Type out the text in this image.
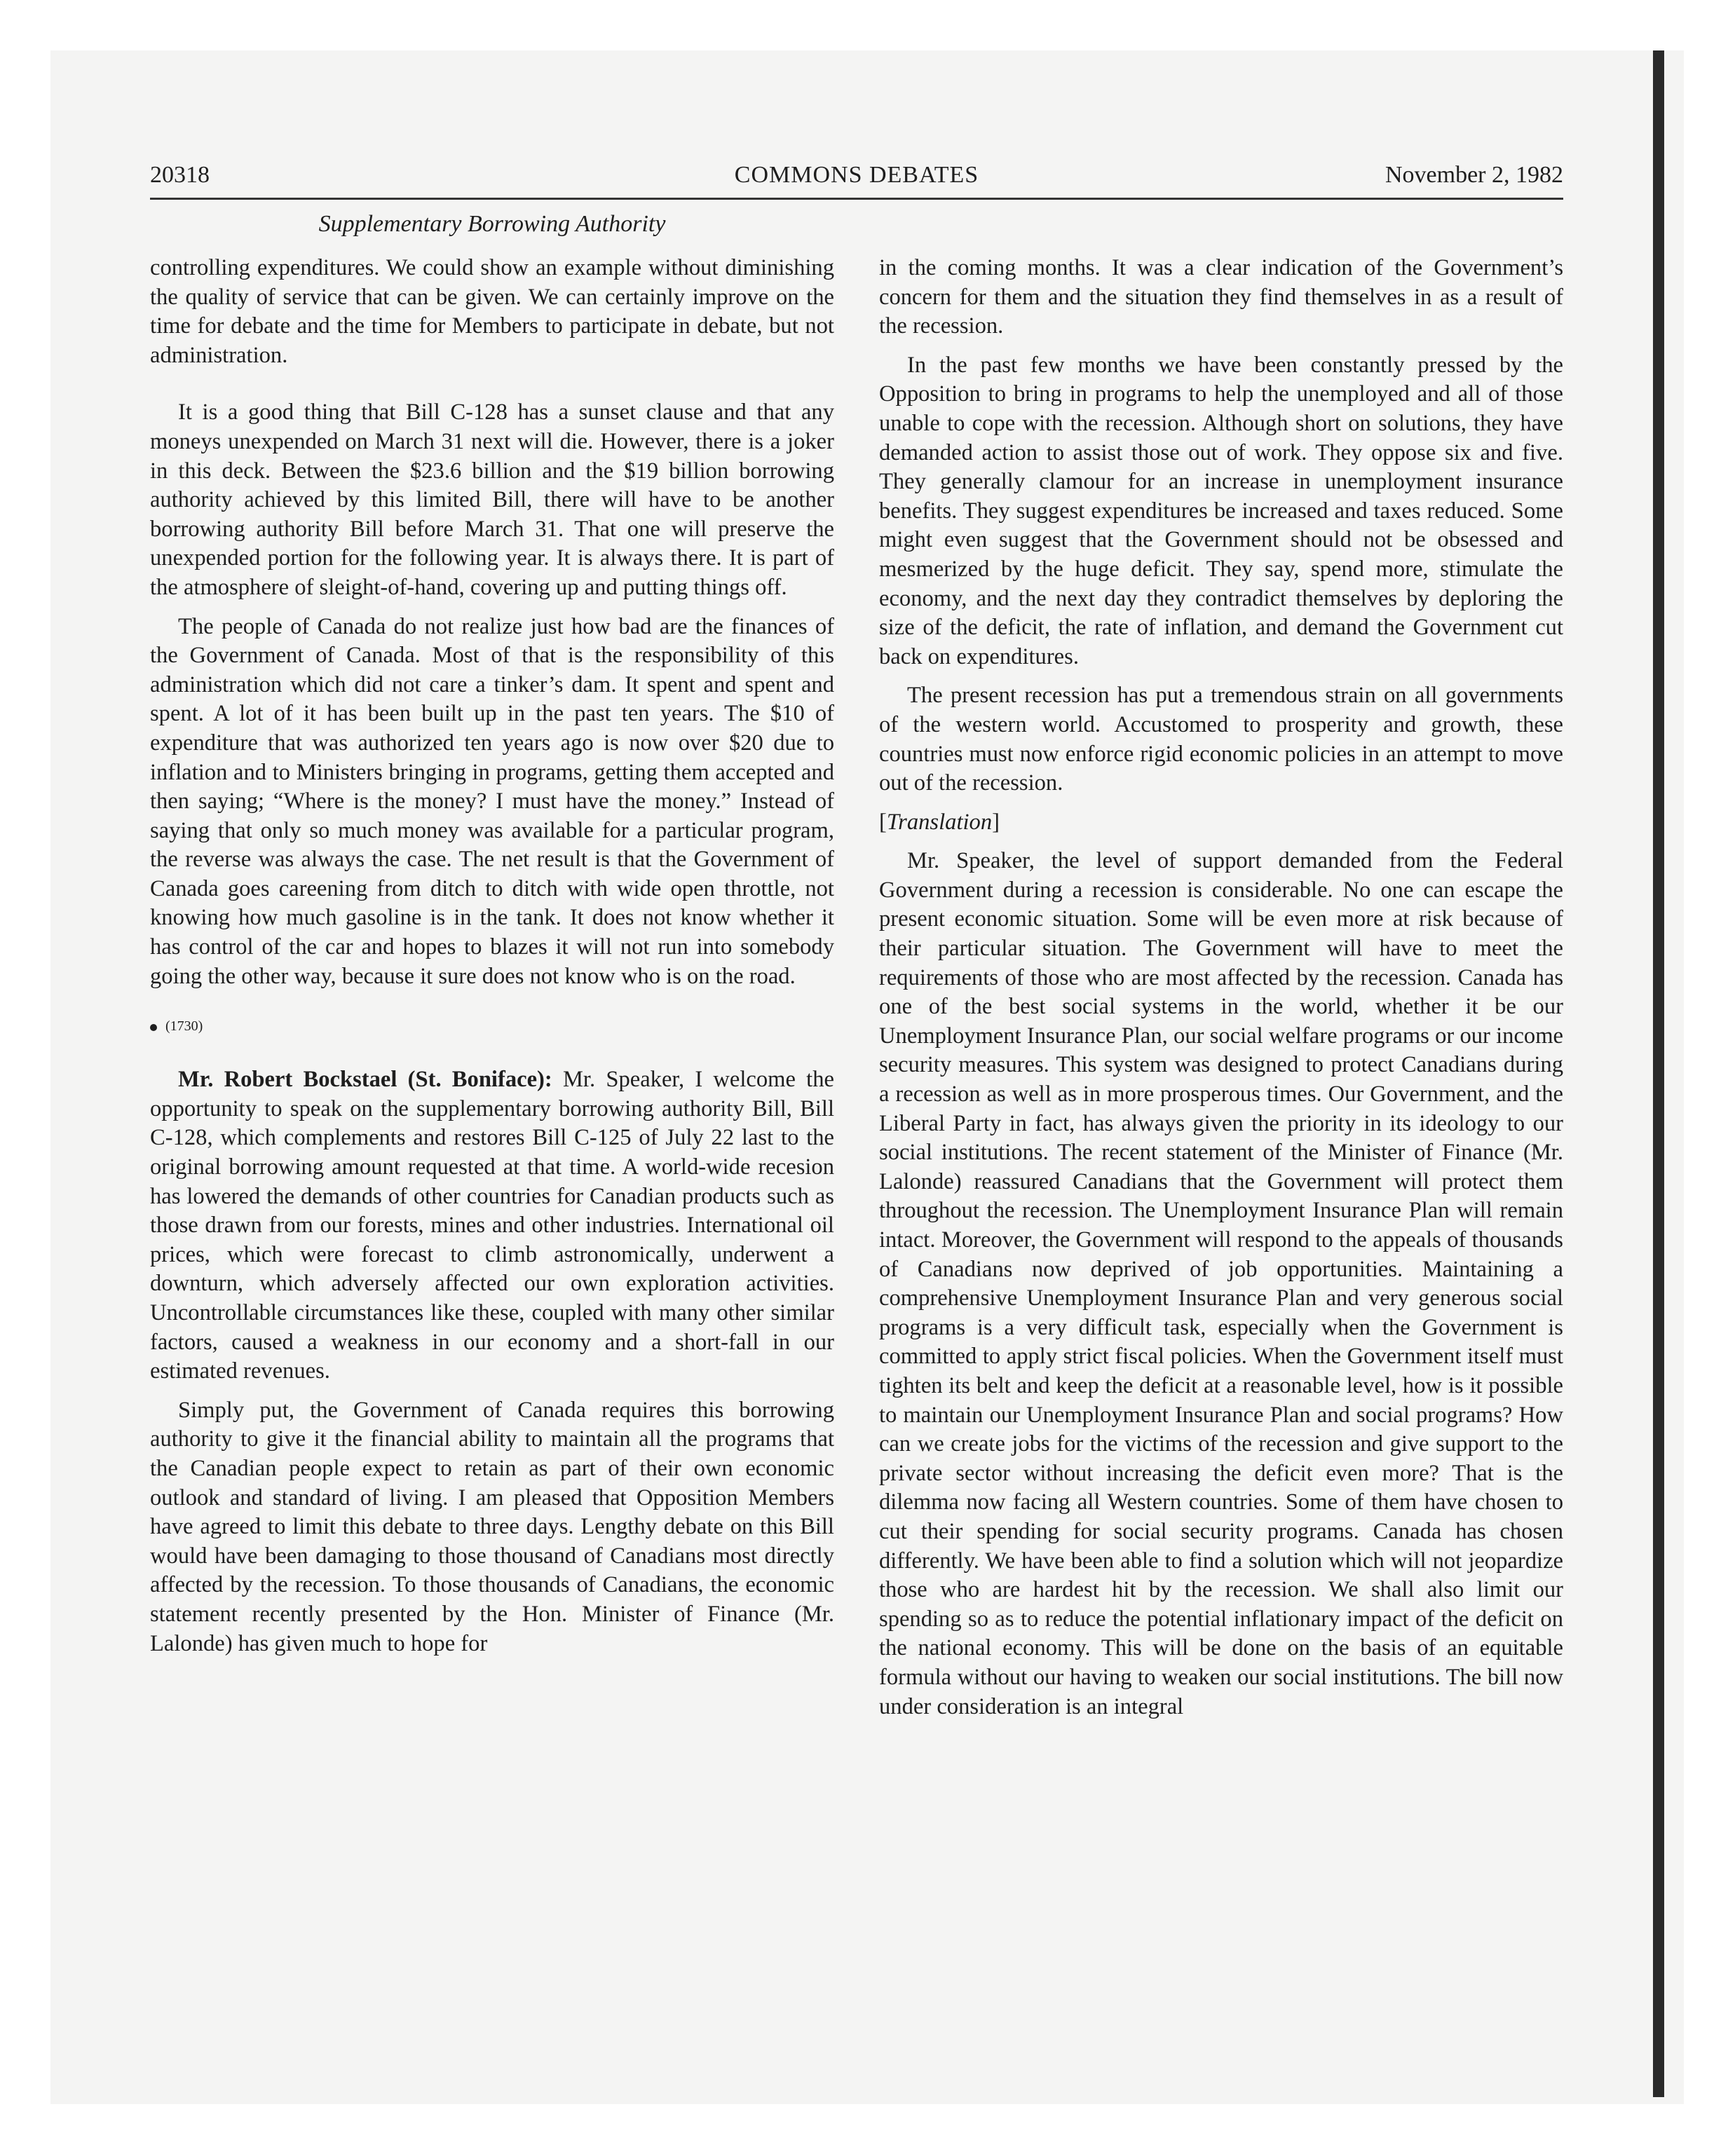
20318	COMMONS DEBATES	November 2, 1982
Supplementary Borrowing Authority

controlling expenditures. We could show an example without diminishing the quality of service that can be given. We can certainly improve on the time for debate and the time for Members to participate in debate, but not administration.

It is a good thing that Bill C-128 has a sunset clause and that any moneys unexpended on March 31 next will die. However, there is a joker in this deck. Between the $23.6 billion and the $19 billion borrowing authority achieved by this limited Bill, there will have to be another borrowing authority Bill before March 31. That one will preserve the unexpended portion for the following year. It is always there. It is part of the atmosphere of sleight-of-hand, covering up and putting things off.

The people of Canada do not realize just how bad are the finances of the Government of Canada. Most of that is the responsibility of this administration which did not care a tinker’s dam. It spent and spent and spent. A lot of it has been built up in the past ten years. The $10 of expenditure that was authorized ten years ago is now over $20 due to inflation and to Ministers bringing in programs, getting them accepted and then saying; “Where is the money? I must have the money.” Instead of saying that only so much money was available for a particular program, the reverse was always the case. The net result is that the Government of Canada goes careening from ditch to ditch with wide open throttle, not knowing how much gasoline is in the tank. It does not know whether it has control of the car and hopes to blazes it will not run into somebody going the other way, because it sure does not know who is on the road.

(1730)

Mr. Robert Bockstael (St. Boniface): Mr. Speaker, I welcome the opportunity to speak on the supplementary borrowing authority Bill, Bill C-128, which complements and restores Bill C-125 of July 22 last to the original borrowing amount requested at that time. A world-wide recesion has lowered the demands of other countries for Canadian products such as those drawn from our forests, mines and other industries. International oil prices, which were forecast to climb astronomically, underwent a downturn, which adversely affected our own exploration activities. Uncontrollable circumstances like these, coupled with many other similar factors, caused a weakness in our economy and a short-fall in our estimated revenues.

Simply put, the Government of Canada requires this borrowing authority to give it the financial ability to maintain all the programs that the Canadian people expect to retain as part of their own economic outlook and standard of living. I am pleased that Opposition Members have agreed to limit this debate to three days. Lengthy debate on this Bill would have been damaging to those thousand of Canadians most directly affected by the recession. To those thousands of Canadians, the economic statement recently presented by the Hon. Minister of Finance (Mr. Lalonde) has given much to hope for

in the coming months. It was a clear indication of the Government’s concern for them and the situation they find themselves in as a result of the recession.

In the past few months we have been constantly pressed by the Opposition to bring in programs to help the unemployed and all of those unable to cope with the recession. Although short on solutions, they have demanded action to assist those out of work. They oppose six and five. They generally clamour for an increase in unemployment insurance benefits. They suggest expenditures be increased and taxes reduced. Some might even suggest that the Government should not be obsessed and mesmerized by the huge deficit. They say, spend more, stimulate the economy, and the next day they contradict themselves by deploring the size of the deficit, the rate of inflation, and demand the Government cut back on expenditures.

The present recession has put a tremendous strain on all governments of the western world. Accustomed to prosperity and growth, these countries must now enforce rigid economic policies in an attempt to move out of the recession.

[Translation]

Mr. Speaker, the level of support demanded from the Federal Government during a recession is considerable. No one can escape the present economic situation. Some will be even more at risk because of their particular situation. The Government will have to meet the requirements of those who are most affected by the recession. Canada has one of the best social systems in the world, whether it be our Unemployment Insurance Plan, our social welfare programs or our income security measures. This system was designed to protect Canadians during a recession as well as in more prosperous times. Our Government, and the Liberal Party in fact, has always given the priority in its ideology to our social institutions. The recent statement of the Minister of Finance (Mr. Lalonde) reassured Canadians that the Government will protect them throughout the recession. The Unemployment Insurance Plan will remain intact. Moreover, the Government will respond to the appeals of thousands of Canadians now deprived of job opportunities. Maintaining a comprehensive Unemployment Insurance Plan and very generous social programs is a very difficult task, especially when the Government is committed to apply strict fiscal policies. When the Government itself must tighten its belt and keep the deficit at a reasonable level, how is it possible to maintain our Unemployment Insurance Plan and social programs? How can we create jobs for the victims of the recession and give support to the private sector without increasing the deficit even more? That is the dilemma now facing all Western countries. Some of them have chosen to cut their spending for social security programs. Canada has chosen differently. We have been able to find a solution which will not jeopardize those who are hardest hit by the recession. We shall also limit our spending so as to reduce the potential inflationary impact of the deficit on the national economy. This will be done on the basis of an equitable formula without our having to weaken our social institutions. The bill now under consideration is an integral
